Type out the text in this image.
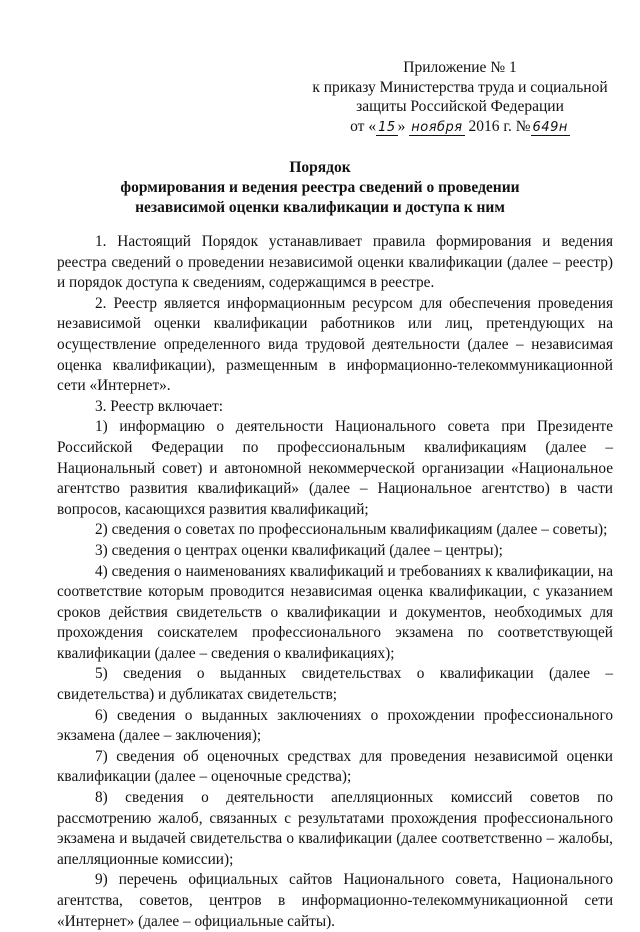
Приложение № 1
к приказу Министерства труда и социальной
защиты Российской Федерации
от « 15 » ноября 2016 г. № 649н
Порядок
формирования и ведения реестра сведений о проведении
независимой оценки квалификации и доступа к ним

1. Настоящий Порядок устанавливает правила формирования и ведения реестра сведений о проведении независимой оценки квалификации (далее – реестр) и порядок доступа к сведениям, содержащимся в реестре.

2. Реестр является информационным ресурсом для обеспечения проведения независимой оценки квалификации работников или лиц, претендующих на осуществление определенного вида трудовой деятельности (далее – независимая оценка квалификации), размещенным в информационно-телекоммуникационной сети «Интернет».

3. Реестр включает:

1) информацию о деятельности Национального совета при Президенте Российской Федерации по профессиональным квалификациям (далее – Национальный совет) и автономной некоммерческой организации «Национальное агентство развития квалификаций» (далее – Национальное агентство) в части вопросов, касающихся развития квалификаций;

2) сведения о советах по профессиональным квалификациям (далее – советы);

3) сведения о центрах оценки квалификаций (далее – центры);

4) сведения о наименованиях квалификаций и требованиях к квалификации, на соответствие которым проводится независимая оценка квалификации, с указанием сроков действия свидетельств о квалификации и документов, необходимых для прохождения соискателем профессионального экзамена по соответствующей квалификации (далее – сведения о квалификациях);

5) сведения о выданных свидетельствах о квалификации (далее – свидетельства) и дубликатах свидетельств;

6) сведения о выданных заключениях о прохождении профессионального экзамена (далее – заключения);

7) сведения об оценочных средствах для проведения независимой оценки квалификации (далее – оценочные средства);

8) сведения о деятельности апелляционных комиссий советов по рассмотрению жалоб, связанных с результатами прохождения профессионального экзамена и выдачей свидетельства о квалификации (далее соответственно – жалобы, апелляционные комиссии);

9) перечень официальных сайтов Национального совета, Национального агентства, советов, центров в информационно-телекоммуникационной сети «Интернет» (далее – официальные сайты).
